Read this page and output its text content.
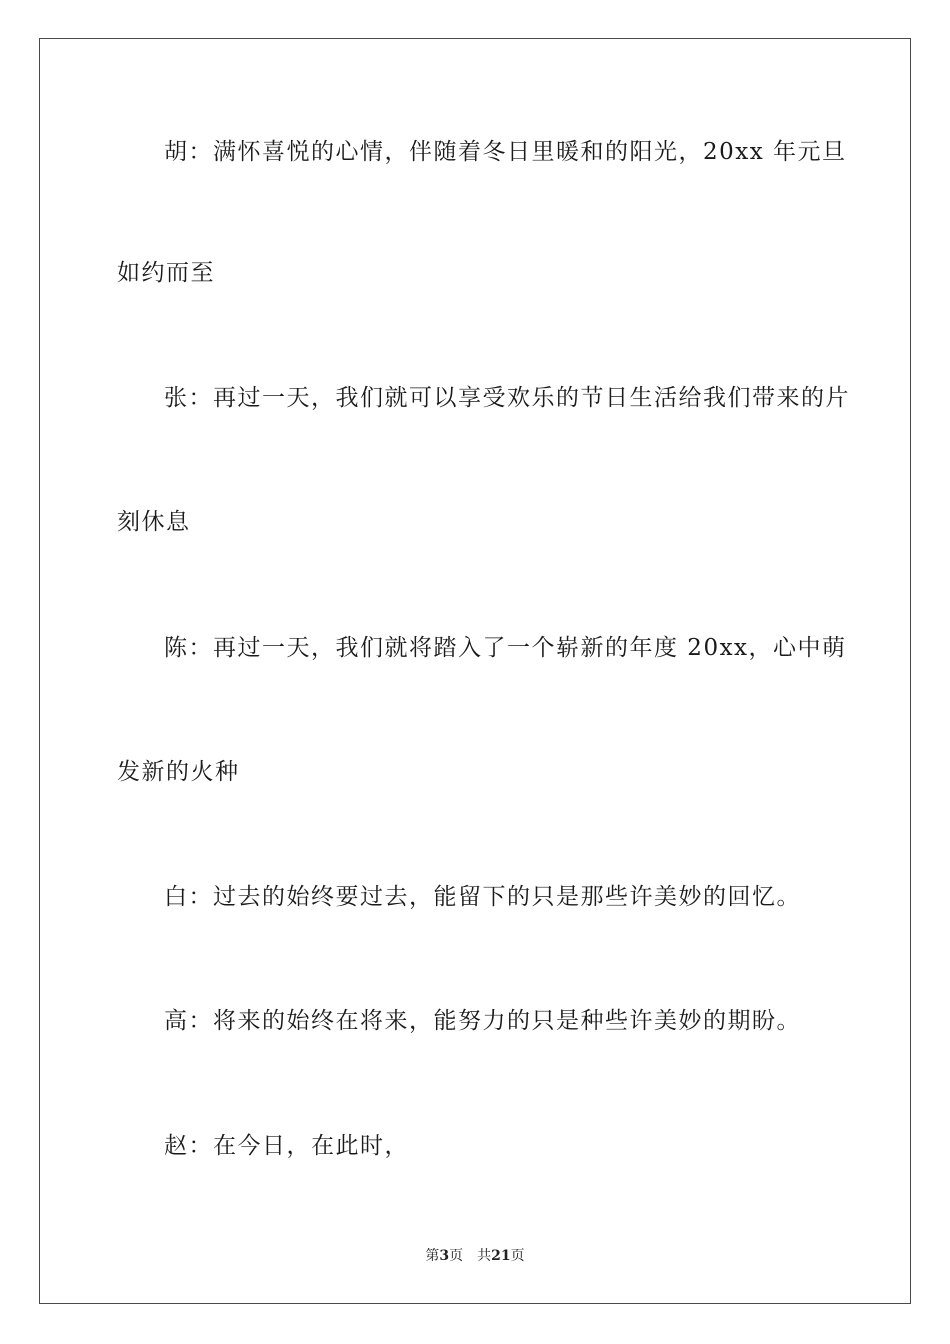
胡：满怀喜悦的心情，伴随着冬日里暖和的阳光，20xx 年元旦
如约而至
张：再过一天，我们就可以享受欢乐的节日生活给我们带来的片
刻休息
陈：再过一天，我们就将踏入了一个崭新的年度 20xx，心中萌
发新的火种
白：过去的始终要过去，能留下的只是那些许美妙的回忆。
高：将来的始终在将来，能努力的只是种些许美妙的期盼。
赵：在今日，在此时，
第3页 共21页
